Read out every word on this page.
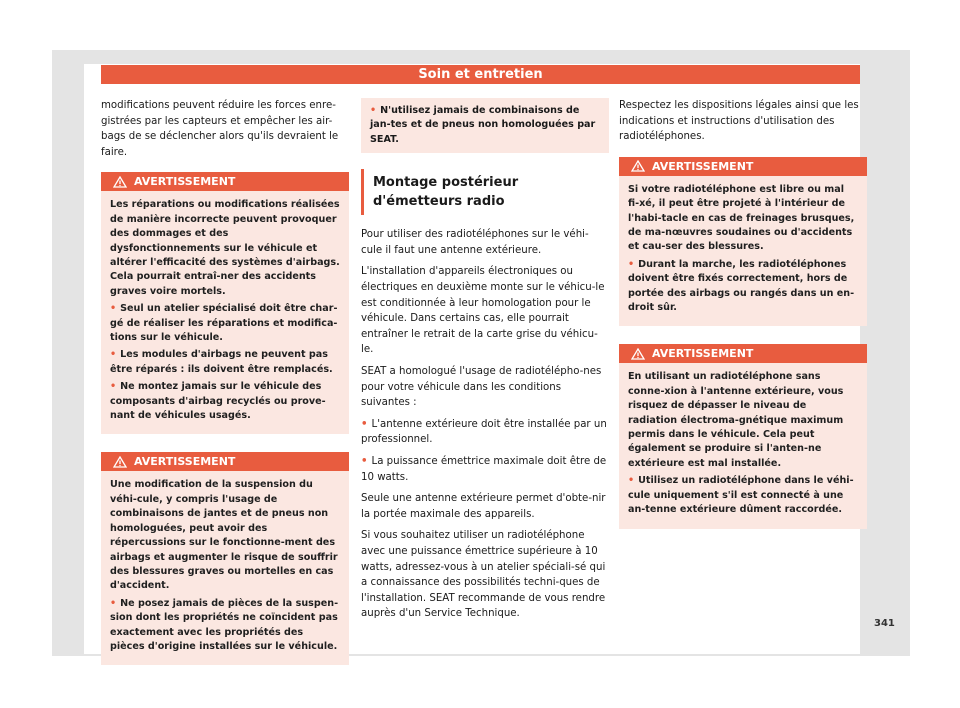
Soin et entretien

modifications peuvent réduire les forces enre-gistrées par les capteurs et empêcher les air-bags de se déclencher alors qu'ils devraient le faire.

AVERTISSEMENT
Les réparations ou modifications réalisées de manière incorrecte peuvent provoquer des dommages et des dysfonctionnements sur le véhicule et altérer l'efficacité des systèmes d'airbags. Cela pourrait entraî-ner des accidents graves voire mortels.
• Seul un atelier spécialisé doit être char-gé de réaliser les réparations et modifica-tions sur le véhicule.
• Les modules d'airbags ne peuvent pas être réparés : ils doivent être remplacés.
• Ne montez jamais sur le véhicule des composants d'airbag recyclés ou prove-nant de véhicules usagés.
AVERTISSEMENT
Une modification de la suspension du véhi-cule, y compris l'usage de combinaisons de jantes et de pneus non homologuées, peut avoir des répercussions sur le fonctionne-ment des airbags et augmenter le risque de souffrir des blessures graves ou mortelles en cas d'accident.
• Ne posez jamais de pièces de la suspen-sion dont les propriétés ne coïncident pas exactement avec les propriétés des pièces d'origine installées sur le véhicule.
• N'utilisez jamais de combinaisons de jan-tes et de pneus non homologuées par SEAT.
Montage postérieur d'émetteurs radio

Pour utiliser des radiotéléphones sur le véhi-cule il faut une antenne extérieure.

L'installation d'appareils électroniques ou électriques en deuxième monte sur le véhicu-le est conditionnée à leur homologation pour le véhicule. Dans certains cas, elle pourrait entraîner le retrait de la carte grise du véhicu-le.

SEAT a homologué l'usage de radiotélépho-nes pour votre véhicule dans les conditions suivantes :

• L'antenne extérieure doit être installée par un professionnel.

• La puissance émettrice maximale doit être de 10 watts.

Seule une antenne extérieure permet d'obte-nir la portée maximale des appareils.

Si vous souhaitez utiliser un radiotéléphone avec une puissance émettrice supérieure à 10 watts, adressez-vous à un atelier spéciali-sé qui a connaissance des possibilités techni-ques de l'installation. SEAT recommande de vous rendre auprès d'un Service Technique.

Respectez les dispositions légales ainsi que les indications et instructions d'utilisation des radiotéléphones.

AVERTISSEMENT
Si votre radiotéléphone est libre ou mal fi-xé, il peut être projeté à l'intérieur de l'habi-tacle en cas de freinages brusques, de ma-nœuvres soudaines ou d'accidents et cau-ser des blessures.
• Durant la marche, les radiotéléphones doivent être fixés correctement, hors de portée des airbags ou rangés dans un en-droit sûr.
AVERTISSEMENT
En utilisant un radiotéléphone sans conne-xion à l'antenne extérieure, vous risquez de dépasser le niveau de radiation électroma-gnétique maximum permis dans le véhicule. Cela peut également se produire si l'anten-ne extérieure est mal installée.
• Utilisez un radiotéléphone dans le véhi-cule uniquement s'il est connecté à une an-tenne extérieure dûment raccordée.
341
